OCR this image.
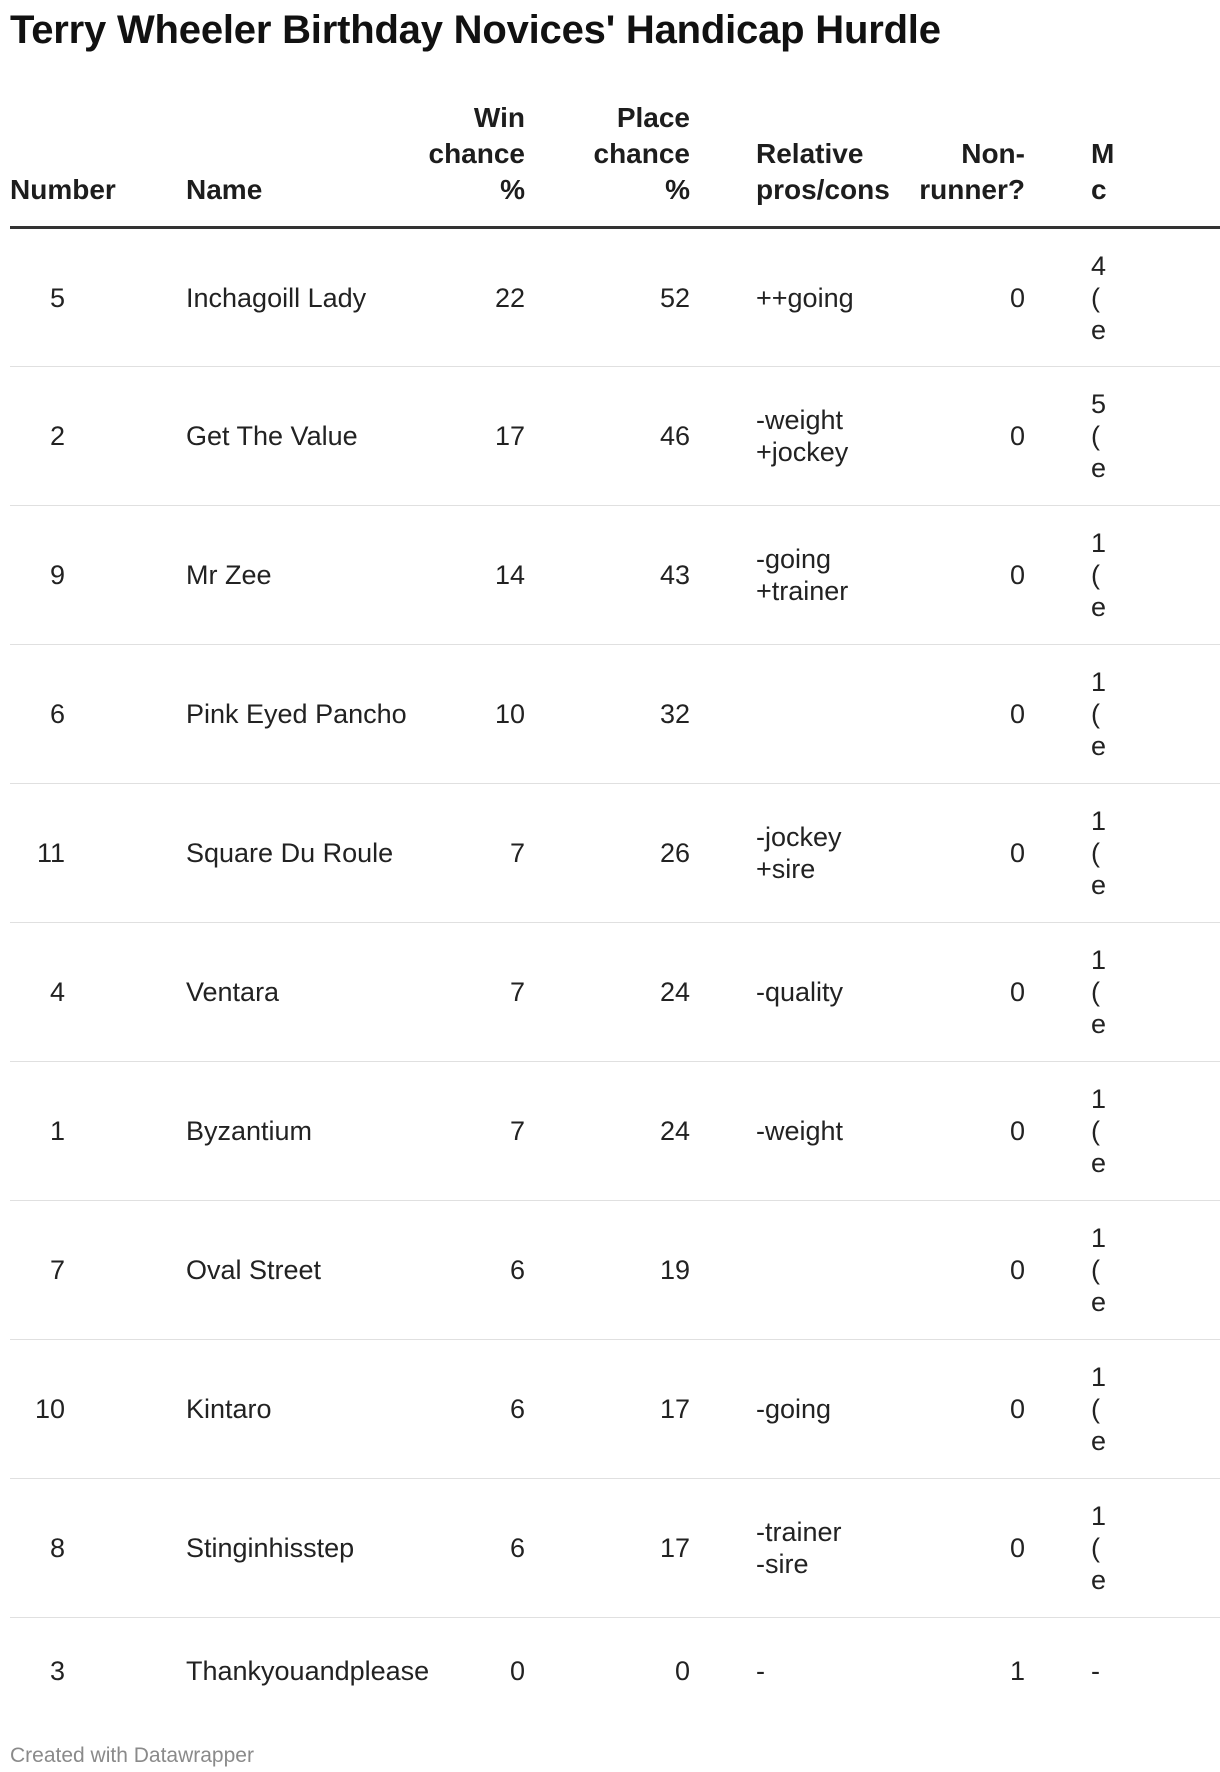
Terry Wheeler Birthday Novices' Handicap Hurdle
Number	Name	Win
chance
%	Place
chance
%	Relative
pros/cons	Non-
runner?	M
c

5	Inchagoill Lady	22	52	++going	0	4
(
e

2	Get The Value	17	46	-weight
+jockey	0	5
(
e

9	Mr Zee	14	43	-going
+trainer	0	1
(
e

6	Pink Eyed Pancho	10	32		0	1
(
e

11	Square Du Roule	7	26	-jockey
+sire	0	1
(
e

4	Ventara	7	24	-quality	0	1
(
e

1	Byzantium	7	24	-weight	0	1
(
e

7	Oval Street	6	19		0	1
(
e

10	Kintaro	6	17	-going	0	1
(
e

8	Stinginhisstep	6	17	-trainer
-sire	0	1
(
e

3	Thankyouandplease	0	0	-	1	-
Created with Datawrapper
